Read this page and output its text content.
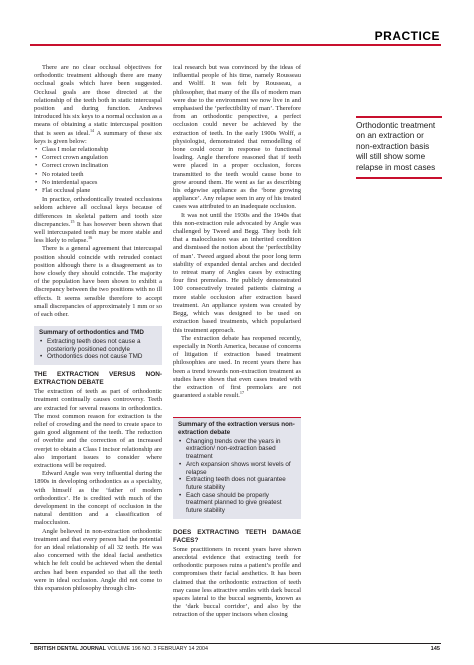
PRACTICE

There are no clear occlusal objectives for orthodontic treatment although there are many occlusal goals which have been suggested. Occlusal goals are those directed at the relationship of the teeth both in static intercuspal position and during function. Andrews introduced his six keys to a normal occlusion as a means of obtaining a static intercuspal position that is seen as ideal.$^{14}$ A summary of these six keys is given below:

• Class I molar relationship
• Correct crown angulation
• Correct crown inclination
• No rotated teeth
• No interdental spaces
• Flat occlusal plane

In practice, orthodontically treated occlusions seldom achieve all occlusal keys because of differences in skeletal pattern and tooth size discrepancies.$^{15}$ It has however been shown that well intercuspated teeth may be more stable and less likely to relapse.$^{16}$

There is a general agreement that intercuspal position should coincide with retruded contact position although there is a disagreement as to how closely they should coincide. The majority of the population have been shown to exhibit a discrepancy between the two positions with no ill effects. It seems sensible therefore to accept small discrepancies of approximately 1 mm or so of each other.

Summary of orthodontics and TMD
• Extracting teeth does not cause a posteriorly positioned condyle
• Orthodontics does not cause TMD
THE EXTRACTION VERSUS NON-EXTRACTION DEBATE

The extraction of teeth as part of orthodontic treatment continually causes controversy. Teeth are extracted for several reasons in orthodontics. The most common reason for extraction is the relief of crowding and the need to create space to gain good alignment of the teeth. The reduction of overbite and the correction of an increased overjet to obtain a Class I incisor relationship are also important issues to consider where extractions will be required.

Edward Angle was very influential during the 1890s in developing orthodontics as a speciality, with himself as the ‘father of modern orthodontics’. He is credited with much of the development in the concept of occlusion in the natural dentition and a classification of malocclusion.

Angle believed in non-extraction orthodontic treatment and that every person had the potential for an ideal relationship of all 32 teeth. He was also concerned with the ideal facial aesthetics which he felt could be achieved when the dental arches had been expanded so that all the teeth were in ideal occlusion. Angle did not come to this expansion philosophy through clin-

ical research but was convinced by the ideas of influential people of his time, namely Rousseau and Wolff. It was felt by Rousseau, a philosopher, that many of the ills of modern man were due to the environment we now live in and emphasised the ‘perfectibility of man’. Therefore from an orthodontic perspective, a perfect occlusion could never be achieved by the extraction of teeth. In the early 1900s Wolff, a physiologist, demonstrated that remodelling of bone could occur in response to functional loading. Angle therefore reasoned that if teeth were placed in a proper occlusion, forces transmitted to the teeth would cause bone to grow around them. He went as far as describing his edgewise appliance as the ‘bone growing appliance’. Any relapse seen in any of his treated cases was attributed to an inadequate occlusion.

It was not until the 1930s and the 1940s that this non-extraction rule advocated by Angle was challenged by Tweed and Begg. They both felt that a malocclusion was an inherited condition and dismissed the notion about the ‘perfectibility of man’. Tweed argued about the poor long term stability of expanded dental arches and decided to retreat many of Angles cases by extracting four first premolars. He publicly demonstrated 100 consecutively treated patients claiming a more stable occlusion after extraction based treatment. An appliance system was created by Begg, which was designed to be used on extraction based treatments, which popularised this treatment approach.

The extraction debate has reopened recently, especially in North America, because of concerns of litigation if extraction based treatment philosophies are used. In recent years there has been a trend towards non-extraction treatment as studies have shown that even cases treated with the extraction of first premolars are not guaranteed a stable result.$^{17}$

Summary of the extraction versus non-extraction debate
• Changing trends over the years in extraction/ non-extraction based treatment
• Arch expansion shows worst levels of relapse
• Extracting teeth does not guarantee future stability
• Each case should be properly treatment planned to give greatest future stability
DOES EXTRACTING TEETH DAMAGE FACES?

Some practitioners in recent years have shown anecdotal evidence that extracting teeth for orthodontic purposes ruins a patient’s profile and compromises their facial aesthetics. It has been claimed that the orthodontic extraction of teeth may cause less attractive smiles with dark buccal spaces lateral to the buccal segments, known as the ‘dark buccal corridor’, and also by the retraction of the upper incisors when closing

Orthodontic treatment on an extraction or non-extraction basis will still show some relapse in most cases
BRITISH DENTAL JOURNAL VOLUME 196 NO. 3 FEBRUARY 14 2004	145
